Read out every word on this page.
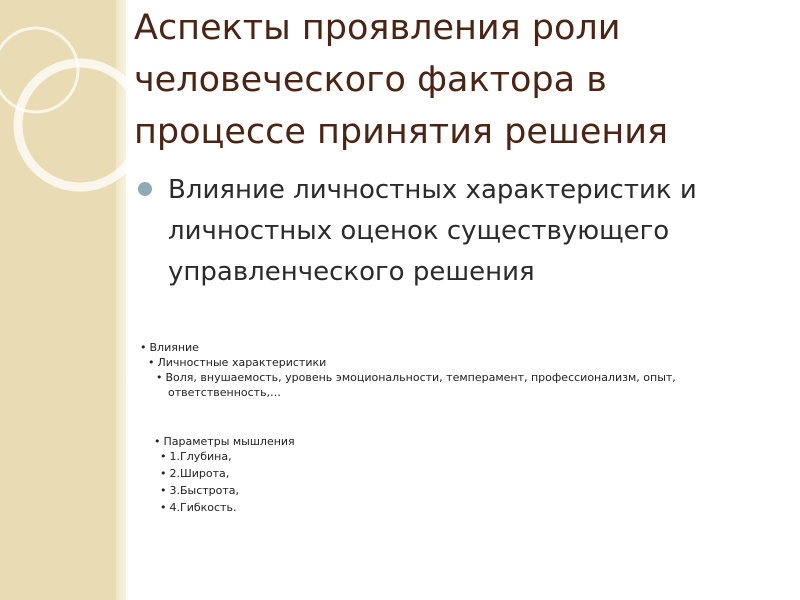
Аспекты проявления роли человеческого фактора в процессе принятия решения
Влияние личностных характеристик и личностных оценок существующего управленческого решения
• Влияние
• Личностные характеристики
• Воля, внушаемость, уровень эмоциональности, темперамент, профессионализм, опыт,
ответственность,…
• Параметры мышления
• 1.Глубина,
• 2.Широта,
• 3.Быстрота,
• 4.Гибкость.
